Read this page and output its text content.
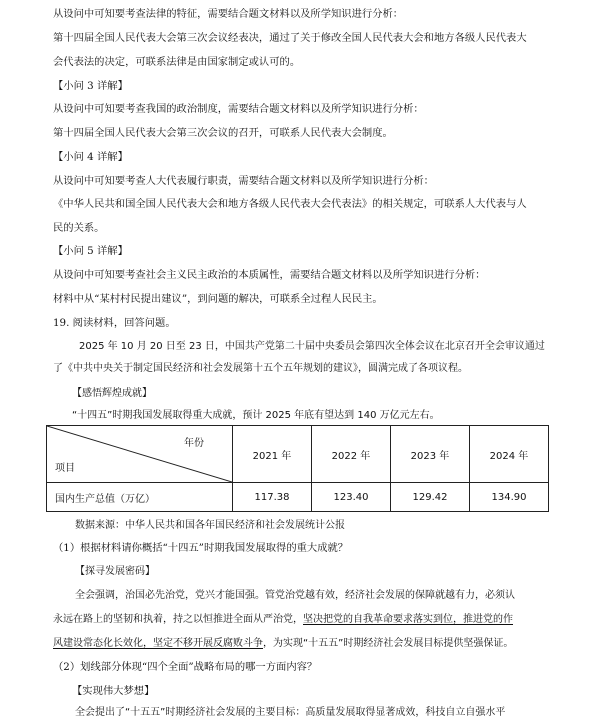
从设问中可知要考查法律的特征，需要结合题文材料以及所学知识进行分析：
第十四届全国人民代表大会第三次会议经表决，通过了关于修改全国人民代表大会和地方各级人民代表大
会代表法的决定，可联系法律是由国家制定或认可的。
【小问 3 详解】
从设问中可知要考查我国的政治制度，需要结合题文材料以及所学知识进行分析：
第十四届全国人民代表大会第三次会议的召开，可联系人民代表大会制度。
【小问 4 详解】
从设问中可知要考查人大代表履行职责，需要结合题文材料以及所学知识进行分析：
《中华人民共和国全国人民代表大会和地方各级人民代表大会代表法》的相关规定，可联系人大代表与人
民的关系。
【小问 5 详解】
从设问中可知要考查社会主义民主政治的本质属性，需要结合题文材料以及所学知识进行分析：
材料中从“某村村民提出建议”，到问题的解决，可联系全过程人民民主。
19. 阅读材料，回答问题。
2025 年 10 月 20 日至 23 日，中国共产党第二十届中央委员会第四次全体会议在北京召开全会审议通过
了《中共中央关于制定国民经济和社会发展第十五个五年规划的建议》，圆满完成了各项议程。
【感悟辉煌成就】
“十四五”时期我国发展取得重大成就，预计 2025 年底有望达到 140 万亿元左右。
年份
项目	2021 年	2022 年	2023 年	2024 年
国内生产总值（万亿）	117.38	123.40	129.42	134.90
数据来源：中华人民共和国各年国民经济和社会发展统计公报
（1）根据材料请你概括“十四五”时期我国发展取得的重大成就？
【探寻发展密码】
全会强调，治国必先治党，党兴才能国强。管党治党越有效，经济社会发展的保障就越有力，必须认
永远在路上的坚韧和执着，持之以恒推进全面从严治党，坚决把党的自我革命要求落实到位，推进党的作
风建设常态化长效化，坚定不移开展反腐败斗争，为实现“十五五”时期经济社会发展目标提供坚强保证。
（2）划线部分体现“四个全面”战略布局的哪一方面内容？
【实现伟大梦想】
全会提出了“十五五”时期经济社会发展的主要目标：高质量发展取得显著成效，科技自立自强水平
